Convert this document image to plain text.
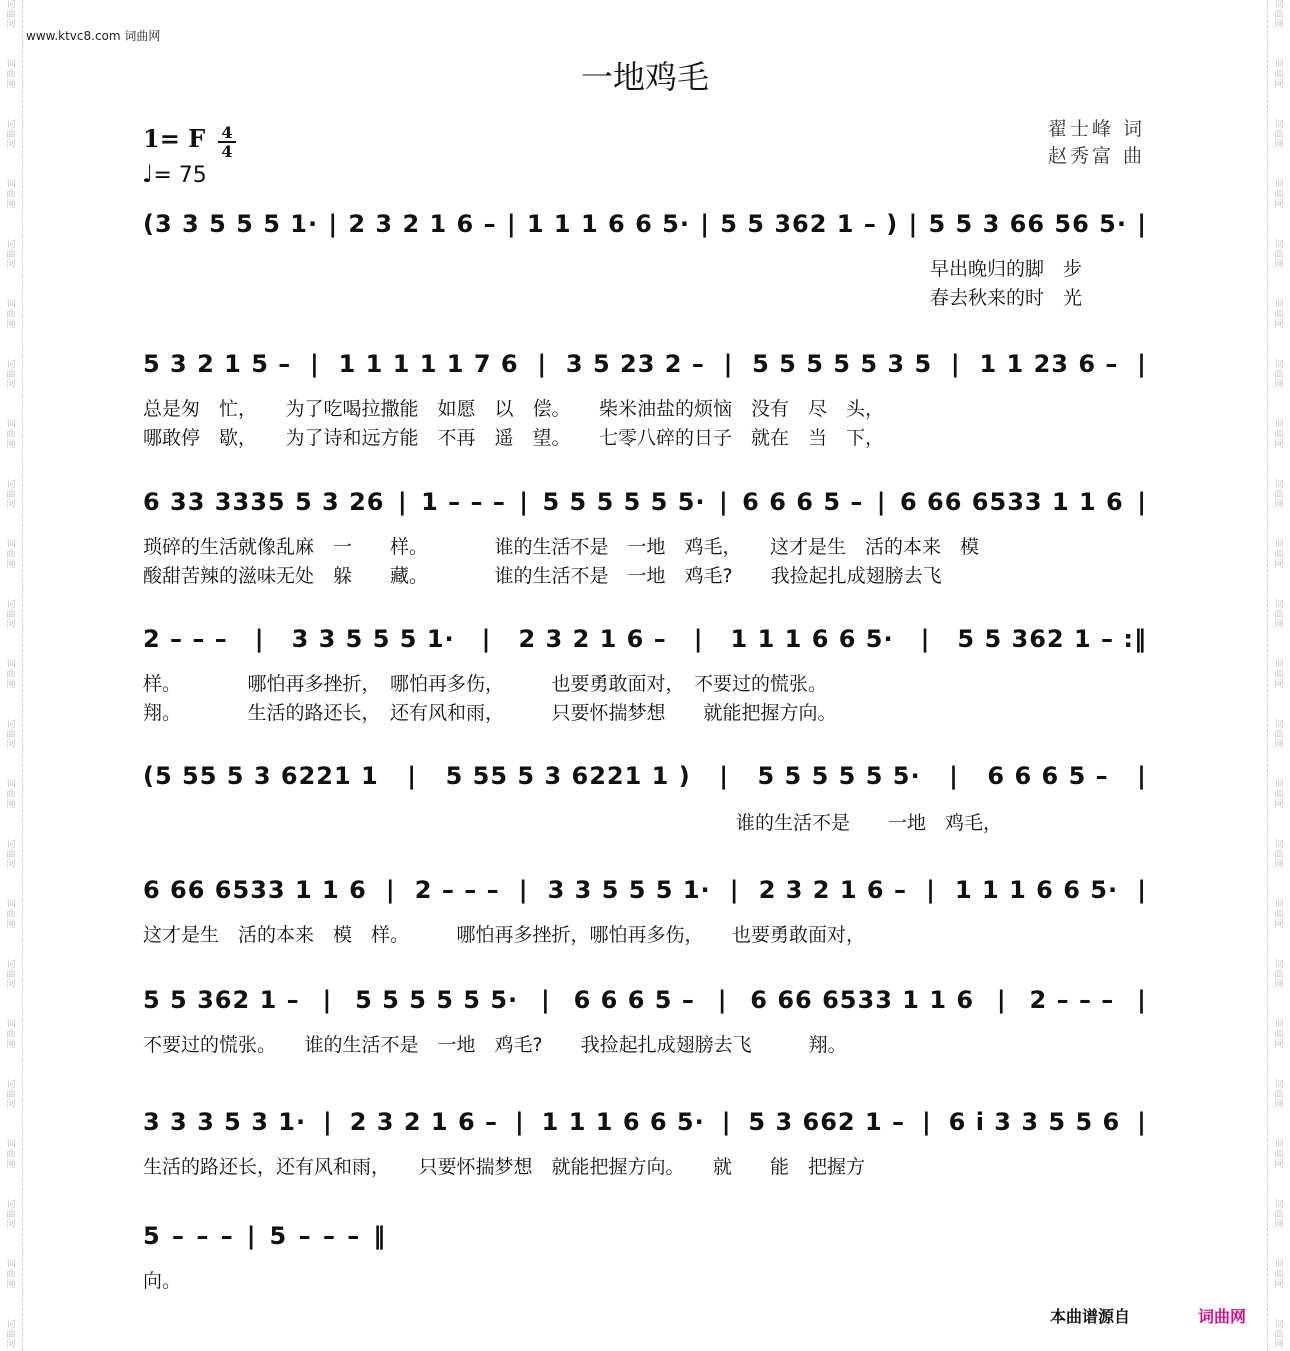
词
曲
网
词
曲
网
词
曲
网
词
曲
网
词
曲
网
词
曲
网
词
曲
网
词
曲
网
词
曲
网
词
曲
网
词
曲
网
词
曲
网
词
曲
网
词
曲
网
词
曲
网
词
曲
网
词
曲
网
词
曲
网
词
曲
网
词
曲
网
词
曲
网
词
曲
网
词
曲
网
词
曲
网
词
曲
网
词
曲
网
词
曲
网
词
曲
网
词
曲
网
词
曲
网
词
曲
网
词
曲
网
词
曲
网
词
曲
网
词
曲
网
词
曲
网
词
曲
网
词
曲
网
词
曲
网
词
曲
网
词
曲
网
词
曲
网
词
曲
网
词
曲
网
词
曲
网
词
曲
网
www.ktvc8.com 词曲网
一地鸡毛
翟士峰 词
赵秀富 曲
1= F	4
4
♩= 75
(3 3 5 5 5 1· | 2 3 2 1 6 – | 1 1 1 6 6 5· | 5 5 362 1 – ) | 5 5 3 66 56 5· |
早出晚归的脚　步
春去秋来的时　光
5 3 2 1 5 – | 1 1 1 1 1 7 6 | 3 5 23 2 – | 5 5 5 5 5 3 5 | 1 1 23 6 – |
总是匆　忙，　　为了吃喝拉撒能　如愿　以　偿。　　柴米油盐的烦恼　没有　尽　头，
哪敢停　歇，　　为了诗和远方能　不再　遥　望。　　七零八碎的日子　就在　当　下，
6 33 3335 5 3 26 | 1 – – – | 5 5 5 5 5 5· | 6 6 6 5 – | 6 66 6533 1 1 6 |
琐碎的生活就像乱麻　一　　样。　　　　谁的生活不是　一地　鸡毛，　　这才是生　活的本来　模
酸甜苦辣的滋味无处　躲　　藏。　　　　谁的生活不是　一地　鸡毛?　　我捡起扎成翅膀去飞
2 – – – | 3 3 5 5 5 1· | 2 3 2 1 6 – | 1 1 1 6 6 5· | 5 5 362 1 – :‖
样。　　　　哪怕再多挫折，　哪怕再多伤，　　　也要勇敢面对，　不要过的慌张。
翔。　　　　生活的路还长，　还有风和雨，　　　只要怀揣梦想　　就能把握方向。
(5 55 5 3 6221 1 | 5 55 5 3 6221 1 ) | 5 5 5 5 5 5· | 6 6 6 5 – |
谁的生活不是　　一地　鸡毛，
6 66 6533 1 1 6 | 2 – – – | 3 3 5 5 5 1· | 2 3 2 1 6 – | 1 1 1 6 6 5· |
这才是生　活的本来　模　样。　　　哪怕再多挫折，哪怕再多伤，　　也要勇敢面对，
5 5 362 1 – | 5 5 5 5 5 5· | 6 6 6 5 – | 6 66 6533 1 1 6 | 2 – – – |
不要过的慌张。　　谁的生活不是　一地　鸡毛?　　我捡起扎成翅膀去飞　　　翔。
3 3 3 5 3 1· | 2 3 2 1 6 – | 1 1 1 6 6 5· | 5 3 662 1 – | 6 i 3 3 5 5 6 |
生活的路还长，还有风和雨，　　只要怀揣梦想　就能把握方向。　　就　　能　把握方
5 – – – | 5 – – – ‖
向。
本曲谱源自	词曲网
